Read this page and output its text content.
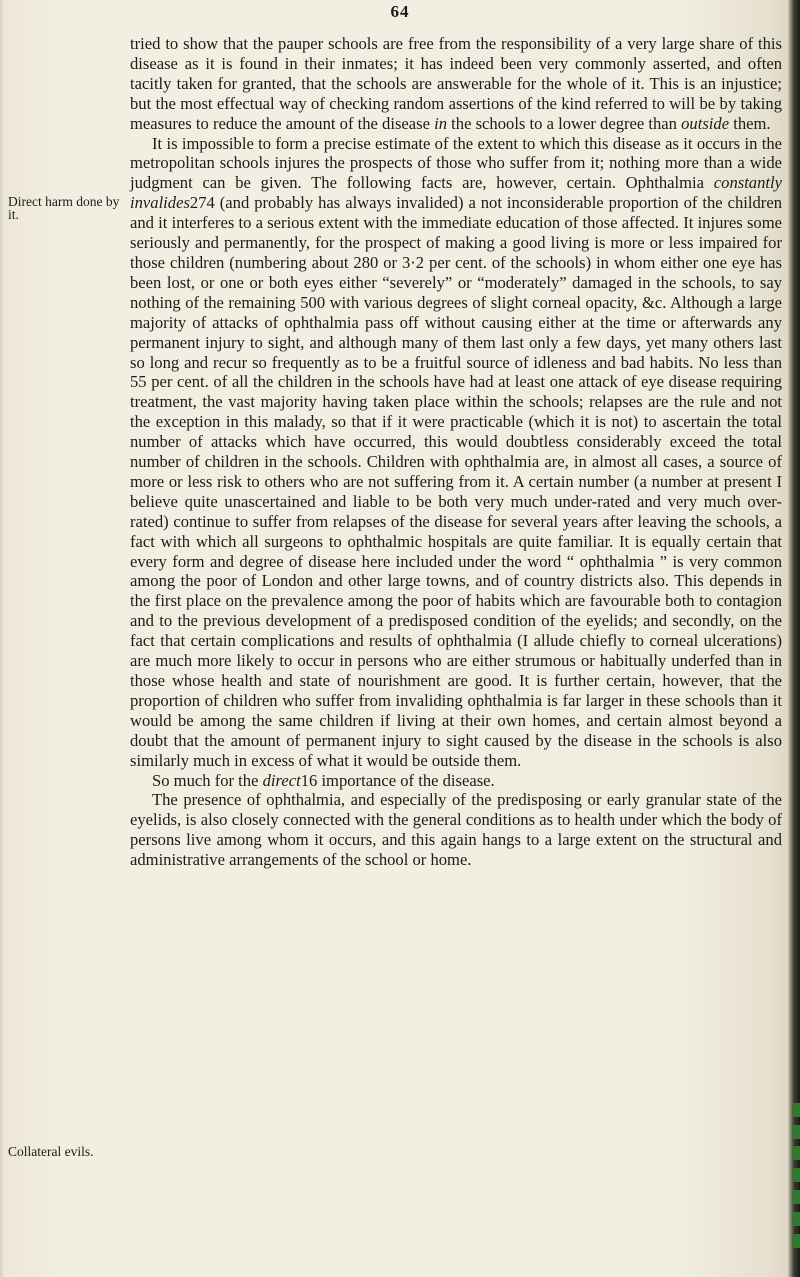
64
Direct harm done by it.
Collateral evils.

tried to show that the pauper schools are free from the responsibility of a very large share of this disease as it is found in their inmates; it has indeed been very commonly asserted, and often tacitly taken for granted, that the schools are answerable for the whole of it. This is an injustice; but the most effectual way of checking random assertions of the kind referred to will be by taking measures to reduce the amount of the disease in the schools to a lower degree than outside them.

It is impossible to form a precise estimate of the extent to which this disease as it occurs in the metropolitan schools injures the prospects of those who suffer from it; nothing more than a wide judgment can be given. The following facts are, however, certain. Ophthalmia constantly invalides274 (and probably has always invalided) a not inconsiderable proportion of the children and it interferes to a serious extent with the immediate education of those affected. It injures some seriously and permanently, for the prospect of making a good living is more or less impaired for those children (numbering about 280 or 3·2 per cent. of the schools) in whom either one eye has been lost, or one or both eyes either “severely” or “moderately” damaged in the schools, to say nothing of the remaining 500 with various degrees of slight corneal opacity, &c. Although a large majority of attacks of ophthalmia pass off without causing either at the time or afterwards any permanent injury to sight, and although many of them last only a few days, yet many others last so long and recur so frequently as to be a fruitful source of idleness and bad habits. No less than 55 per cent. of all the children in the schools have had at least one attack of eye disease requiring treatment, the vast majority having taken place within the schools; relapses are the rule and not the exception in this malady, so that if it were practicable (which it is not) to ascertain the total number of attacks which have occurred, this would doubtless considerably exceed the total number of children in the schools. Children with ophthalmia are, in almost all cases, a source of more or less risk to others who are not suffering from it. A certain number (a number at present I believe quite unascertained and liable to be both very much under-rated and very much over-rated) continue to suffer from relapses of the disease for several years after leaving the schools, a fact with which all surgeons to ophthalmic hospitals are quite familiar. It is equally certain that every form and degree of disease here included under the word “ ophthalmia ” is very common among the poor of London and other large towns, and of country districts also. This depends in the first place on the prevalence among the poor of habits which are favourable both to contagion and to the previous development of a predisposed condition of the eyelids; and secondly, on the fact that certain complications and results of ophthalmia (I allude chiefly to corneal ulcerations) are much more likely to occur in persons who are either strumous or habitually underfed than in those whose health and state of nourishment are good. It is further certain, however, that the proportion of children who suffer from invaliding ophthalmia is far larger in these schools than it would be among the same children if living at their own homes, and certain almost beyond a doubt that the amount of permanent injury to sight caused by the disease in the schools is also similarly much in excess of what it would be outside them.

So much for the direct16 importance of the disease.

The presence of ophthalmia, and especially of the predisposing or early granular state of the eyelids, is also closely connected with the general conditions as to health under which the body of persons live among whom it occurs, and this again hangs to a large extent on the structural and administrative arrangements of the school or home.
